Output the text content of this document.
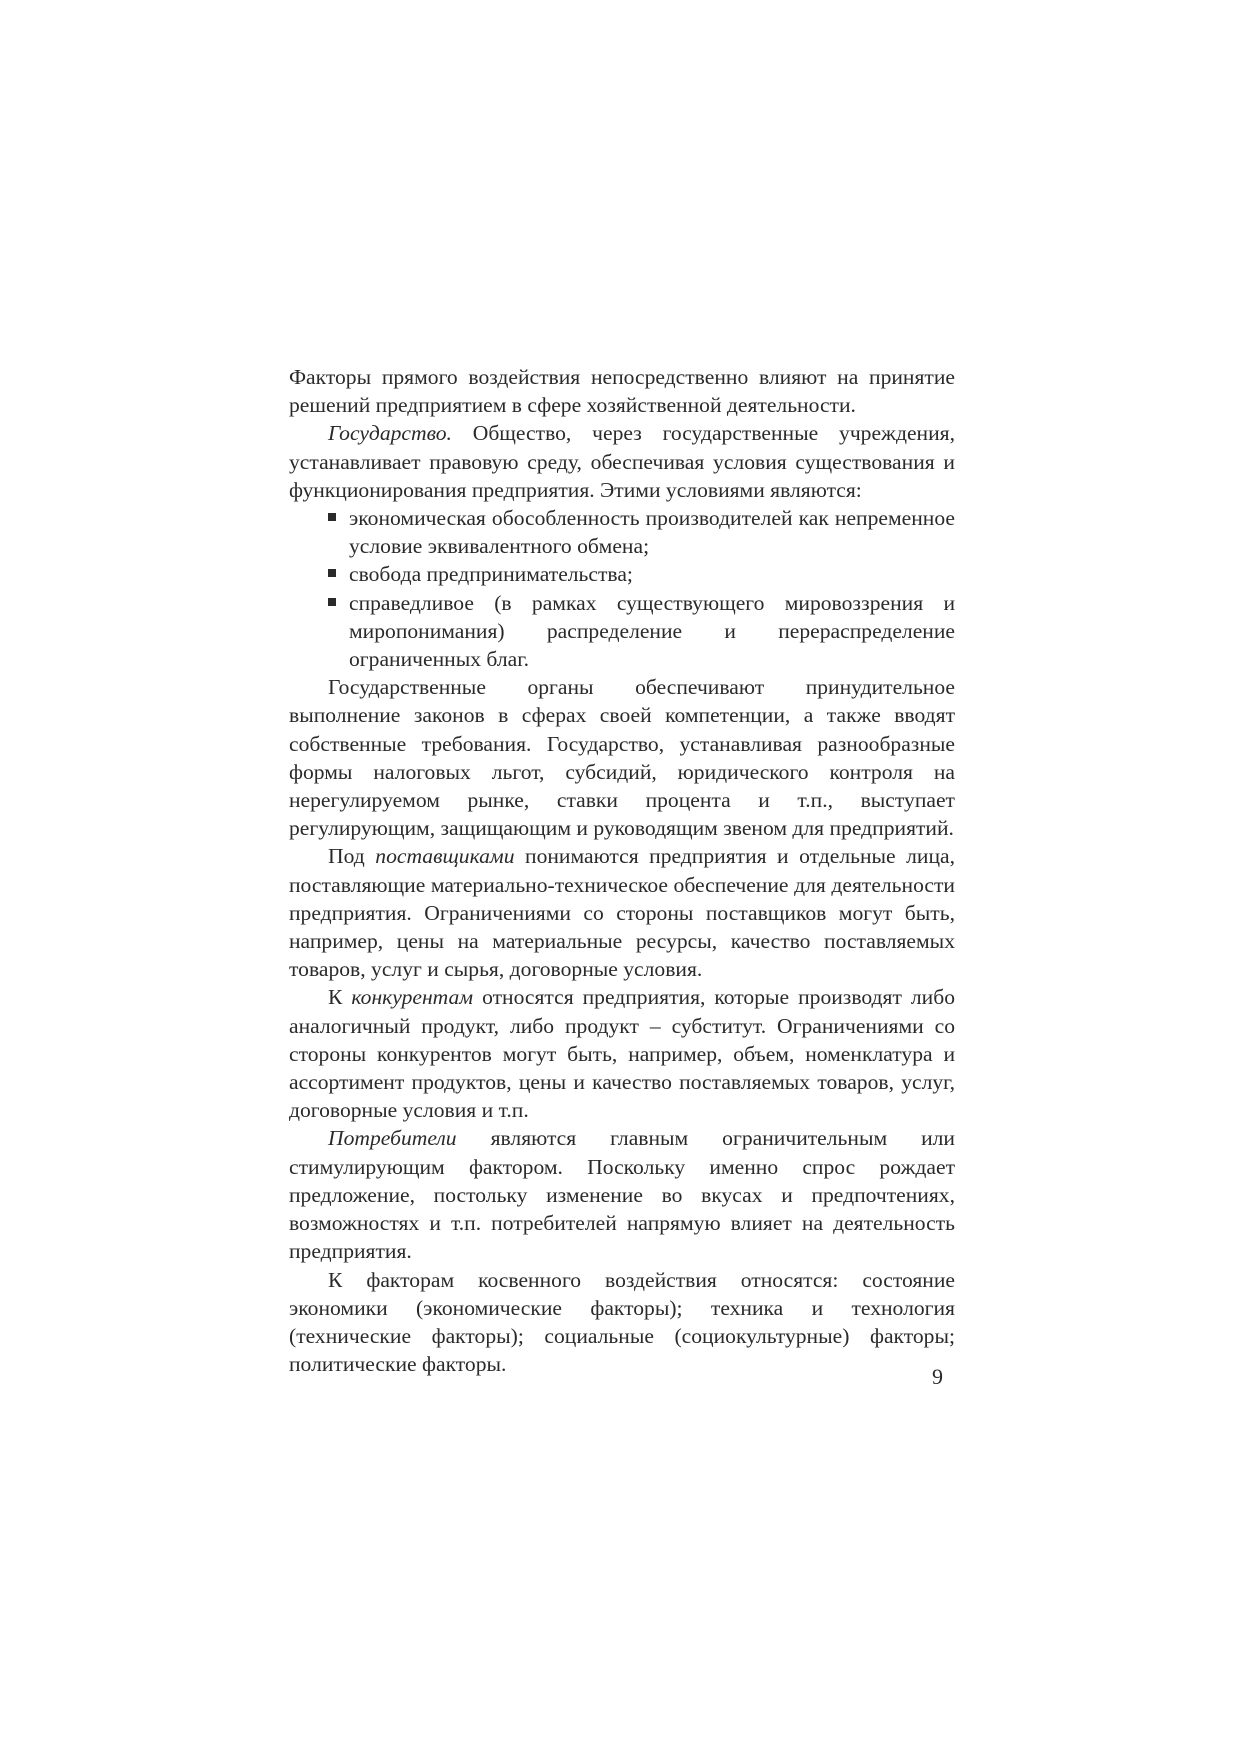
Факторы прямого воздействия непосредственно влияют на принятие решений предприятием в сфере хозяйственной деятельности.

Государство. Общество, через государственные учреждения, устанавливает правовую среду, обеспечивая условия существования и функционирования предприятия. Этими условиями являются:

экономическая обособленность производителей как непременное условие эквивалентного обмена;
свобода предпринимательства;
справедливое (в рамках существующего мировоззрения и миропонимания) распределение и перераспределение ограниченных благ.

Государственные органы обеспечивают принудительное выполнение законов в сферах своей компетенции, а также вводят собственные требования. Государство, устанавливая разнообразные формы налоговых льгот, субсидий, юридического контроля на нерегулируемом рынке, ставки процента и т.п., выступает регулирующим, защищающим и руководящим звеном для предприятий.

Под поставщиками понимаются предприятия и отдельные лица, поставляющие материально-техническое обеспечение для деятельности предприятия. Ограничениями со стороны поставщиков могут быть, например, цены на материальные ресурсы, качество поставляемых товаров, услуг и сырья, договорные условия.

К конкурентам относятся предприятия, которые производят либо аналогичный продукт, либо продукт – субститут. Ограничениями со стороны конкурентов могут быть, например, объем, номенклатура и ассортимент продуктов, цены и качество поставляемых товаров, услуг, договорные условия и т.п.

Потребители являются главным ограничительным или стимулирующим фактором. Поскольку именно спрос рождает предложение, постольку изменение во вкусах и предпочтениях, возможностях и т.п. потребителей напрямую влияет на деятельность предприятия.

К факторам косвенного воздействия относятся: состояние экономики (экономические факторы); техника и технология (технические факторы); социальные (социокультурные) факторы; политические факторы.	9
